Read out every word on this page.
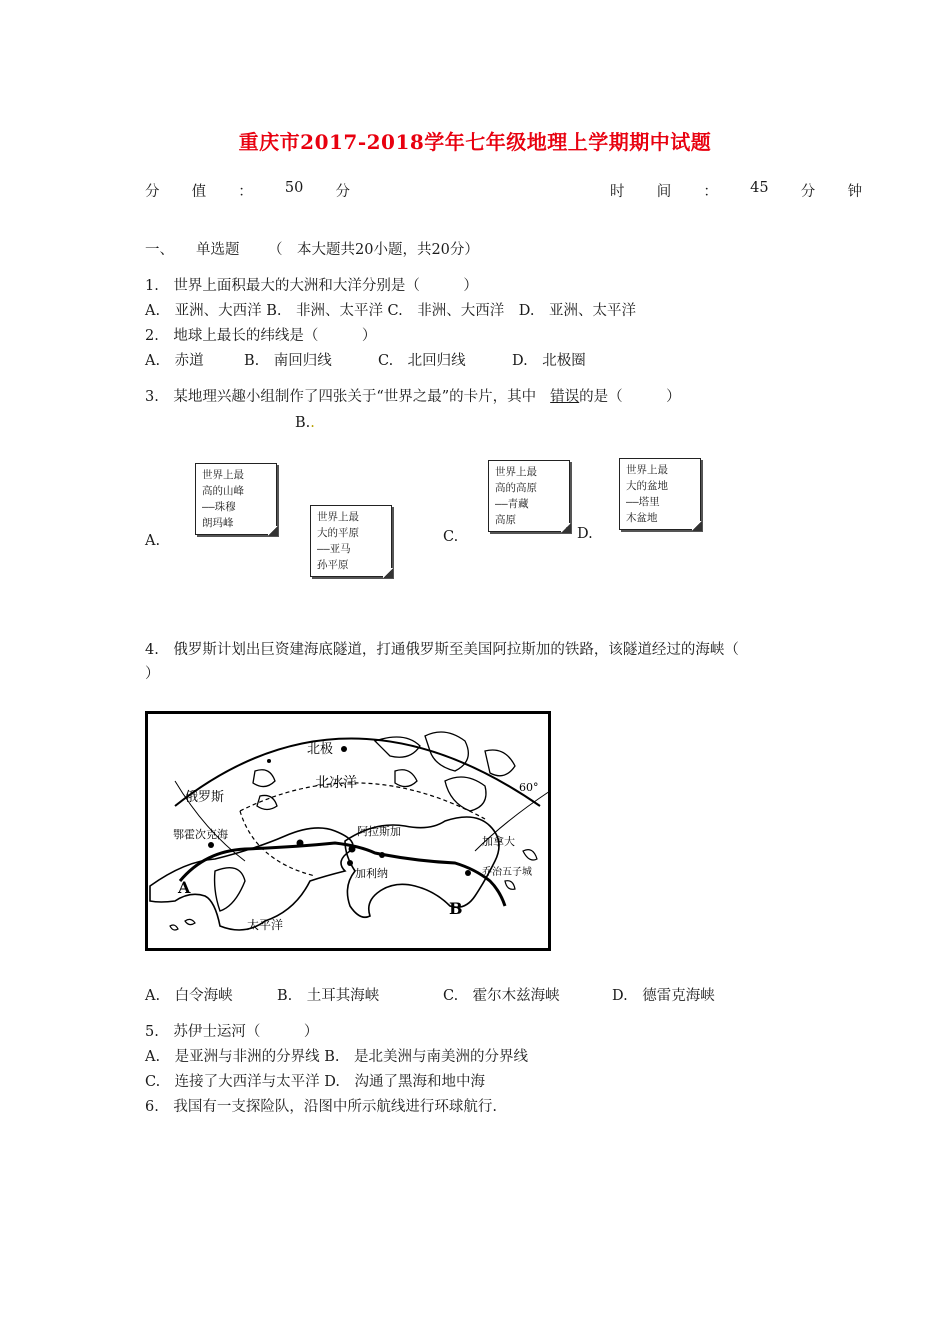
重庆市2017-2018学年七年级地理上学期期中试题
分 值 ： 50 分	时 间 ： 45 分 钟
一、 单选题 （　本大题共20小题，共20分）
1.　世界上面积最大的大洲和大洋分别是（　　　）
A.　亚洲、大西洋 B.　非洲、太平洋 C.　非洲、大西洋　D.　亚洲、太平洋
2.　地球上最长的纬线是（　　　）
A.　赤道	B.　南回归线	C.　北回归线	D.　北极圈
3.　某地理兴趣小组制作了四张关于“世界之最”的卡片，其中 错误的是（　　　）
B..
世界上最
高的山峰
——珠穆
朗玛峰	世界上最
大的平原
——亚马
孙平原
世界上最
高的高原
——青藏
高原
世界上最
大的盆地
——塔里
木盆地
A.	C.	D.
4.　俄罗斯计划出巨资建海底隧道，打通俄罗斯至美国阿拉斯加的铁路，该隧道经过的海峡（
）
北极
北冰洋
俄罗斯
鄂霍次克海	阿拉斯加
加拿大
加利纳	乔治五子城
太平洋
60°
A
B
A.　白令海峡	B.　土耳其海峡	C.　霍尔木兹海峡	D.　德雷克海峡
5.　苏伊士运河（　　　）
A.　是亚洲与非洲的分界线 B.　是北美洲与南美洲的分界线
C.　连接了大西洋与太平洋 D.　沟通了黑海和地中海
6.　我国有一支探险队，沿图中所示航线进行环球航行.
